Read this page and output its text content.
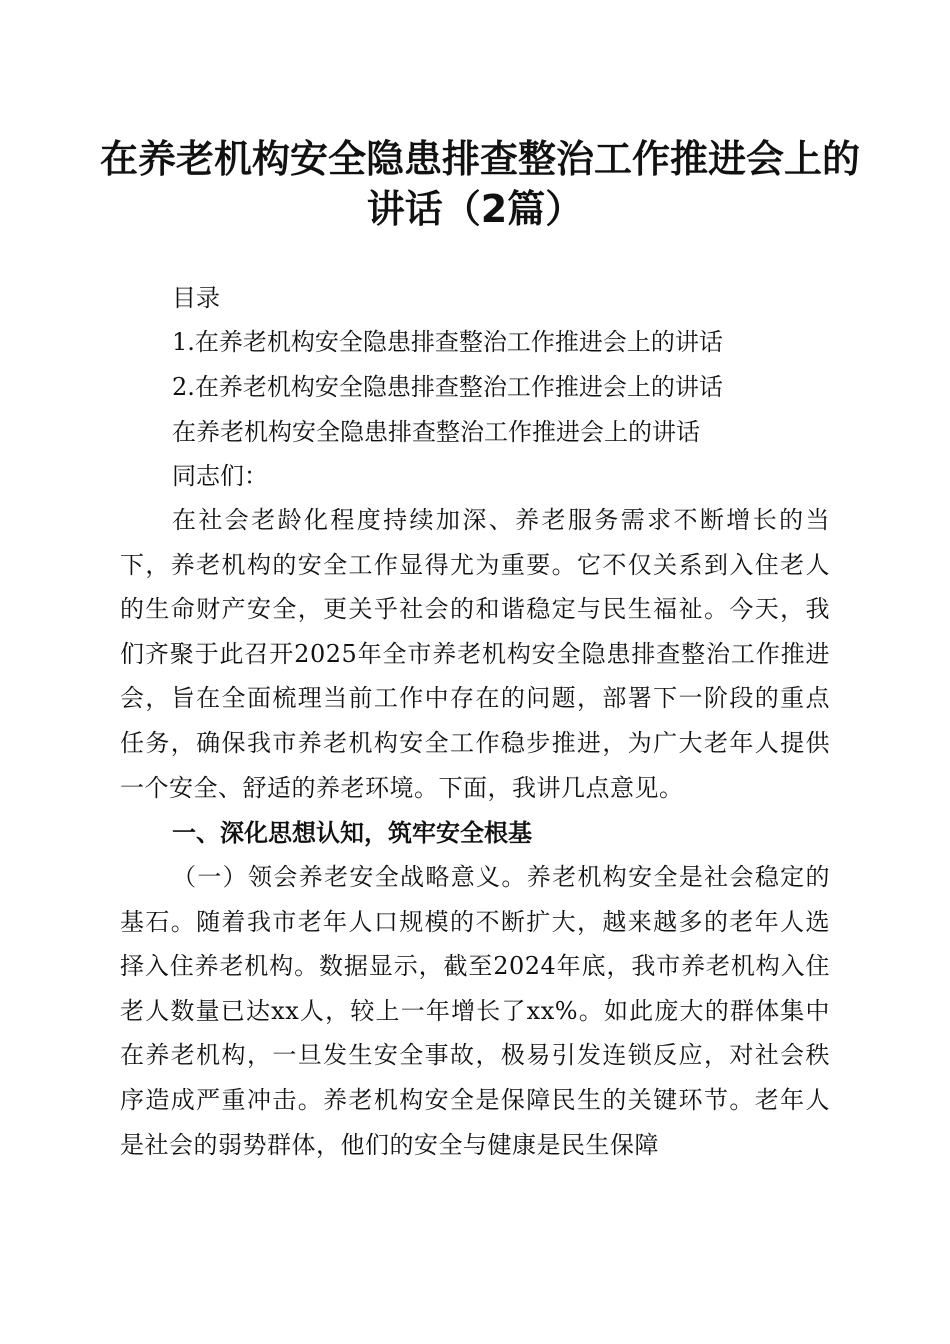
在养老机构安全隐患排查整治工作推进会上的
讲话（2篇）
目录
1.在养老机构安全隐患排查整治工作推进会上的讲话
2.在养老机构安全隐患排查整治工作推进会上的讲话
在养老机构安全隐患排查整治工作推进会上的讲话
同志们：
在社会老龄化程度持续加深、养老服务需求不断增长的当下，养老机构的安全工作显得尤为重要。它不仅关系到入住老人的生命财产安全，更关乎社会的和谐稳定与民生福祉。今天，我们齐聚于此召开2025年全市养老机构安全隐患排查整治工作推进会，旨在全面梳理当前工作中存在的问题，部署下一阶段的重点任务，确保我市养老机构安全工作稳步推进，为广大老年人提供一个安全、舒适的养老环境。下面，我讲几点意见。
一、深化思想认知，筑牢安全根基
（一）领会养老安全战略意义。养老机构安全是社会稳定的基石。随着我市老年人口规模的不断扩大，越来越多的老年人选择入住养老机构。数据显示，截至2024年底，我市养老机构入住老人数量已达xx人，较上一年增长了xx%。如此庞大的群体集中在养老机构，一旦发生安全事故，极易引发连锁反应，对社会秩序造成严重冲击。养老机构安全是保障民生的关键环节。老年人是社会的弱势群体，他们的安全与健康是民生保障
